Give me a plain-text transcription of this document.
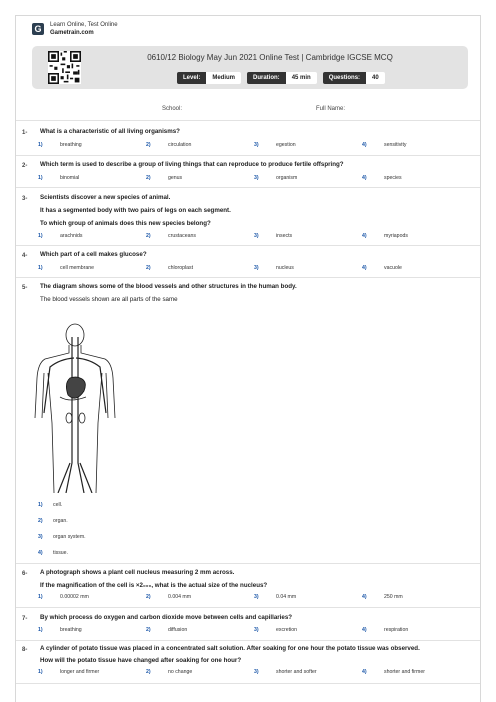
G	Learn Online, Test Online
Gametrain.com
0610/12 Biology May Jun 2021 Online Test | Cambridge IGCSE MCQ
Level:	Medium	Duration:	45 min	Questions:	40
School:	Full Name:
1- What is a characteristic of all living organisms?
1)	breathing	2)	circulation	3)	egestion	4)	sensitivity
2- Which term is used to describe a group of living things that can reproduce to produce fertile offspring?
1)	binomial	2)	genus	3)	organism	4)	species
3- Scientists discover a new species of animal.
It has a segmented body with two pairs of legs on each segment.
To which group of animals does this new species belong?
1)	arachnids	2)	crustaceans	3)	insects	4)	myriapods
4- Which part of a cell makes glucose?
1)	cell membrane	2)	chloroplast	3)	nucleus	4)	vacuole
5- The diagram shows some of the blood vessels and other structures in the human body.
The blood vessels shown are all parts of the same
1) cell.
2) organ.
3) organ system.
4) tissue.
6- A photograph shows a plant cell nucleus measuring 2 mm across.
If the magnification of the cell is ×2₀₀₀, what is the actual size of the nucleus?
1)	0.00002 mm	2)	0.004 mm	3)	0.04 mm	4)	250 mm
7- By which process do oxygen and carbon dioxide move between cells and capillaries?
1)	breathing	2)	diffusion	3)	excretion	4)	respiration
8- A cylinder of potato tissue was placed in a concentrated salt solution. After soaking for one hour the potato tissue was observed.
How will the potato tissue have changed after soaking for one hour?
1)	longer and firmer	2)	no change	3)	shorter and softer	4)	shorter and firmer
